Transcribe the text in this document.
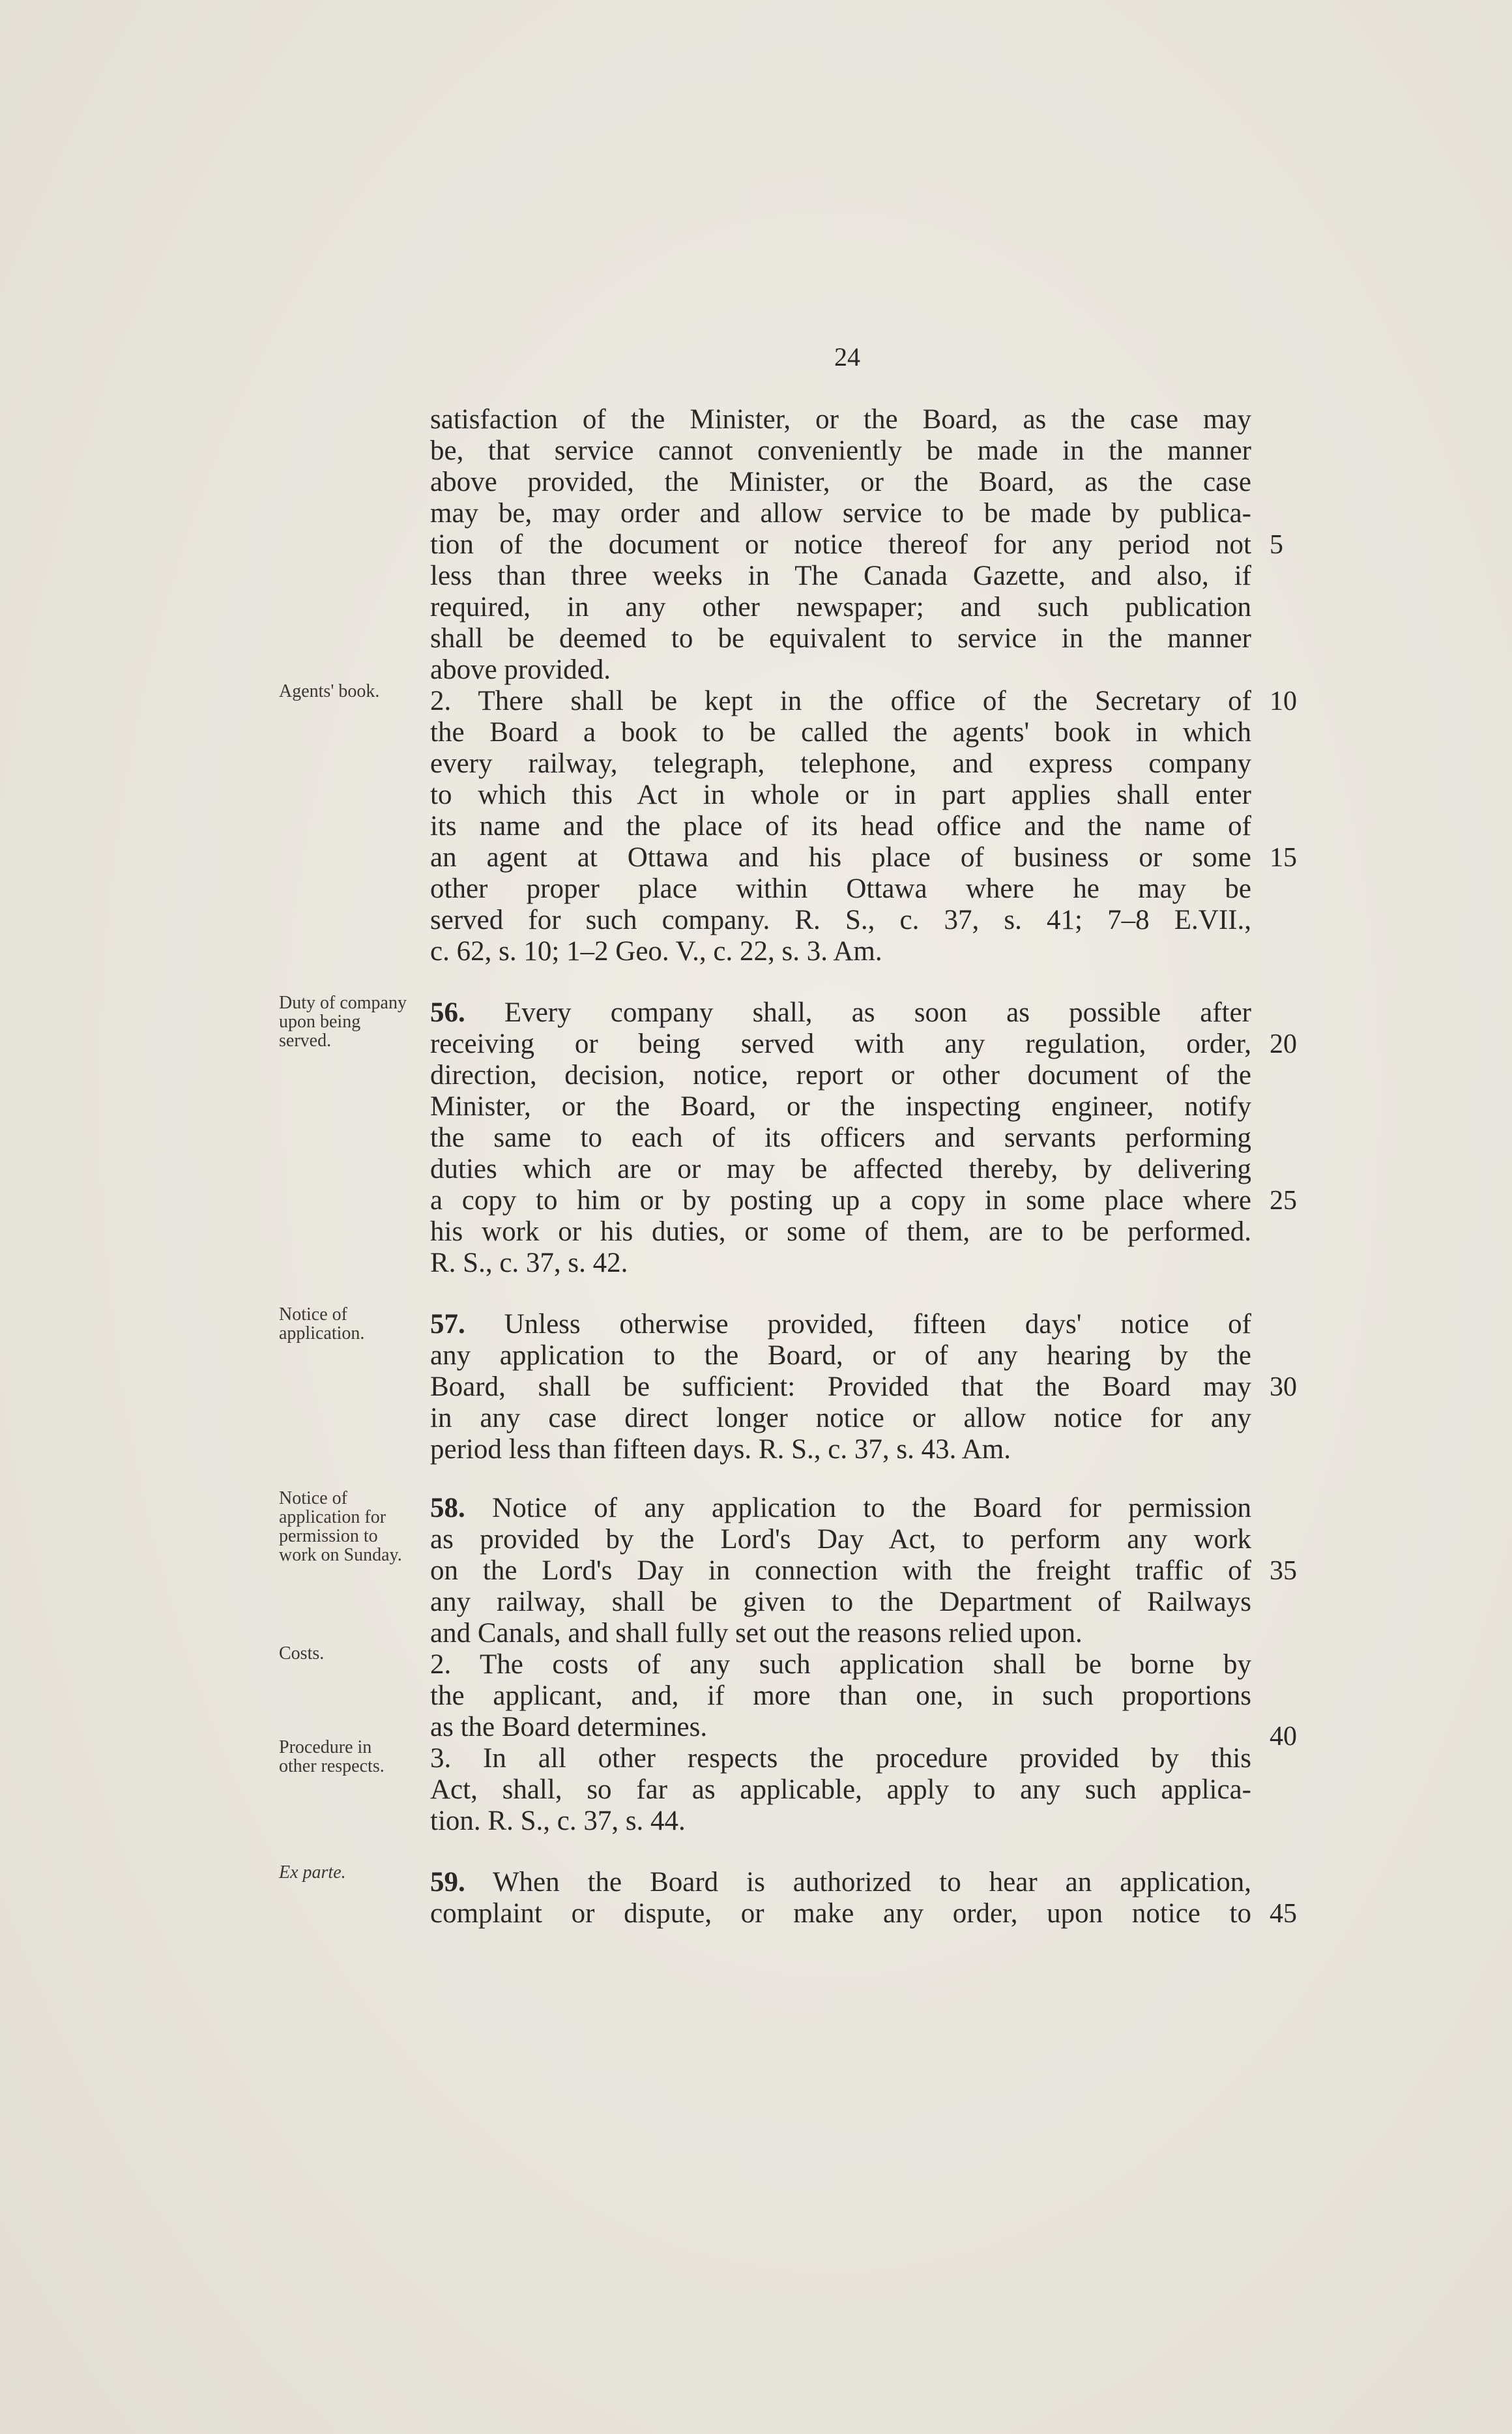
24
satisfaction of the Minister, or the Board, as the case may
be, that service cannot conveniently be made in the manner
above provided, the Minister, or the Board, as the case
may be, may order and allow service to be made by publica-
tion of the document or notice thereof for any period not
less than three weeks in The Canada Gazette, and also, if
required, in any other newspaper; and such publication
shall be deemed to be equivalent to service in the manner
above provided.
Agents' book.	2. There shall be kept in the office of the Secretary of
the Board a book to be called the agents' book in which
every railway, telegraph, telephone, and express company
to which this Act in whole or in part applies shall enter
its name and the place of its head office and the name of
an agent at Ottawa and his place of business or some
other proper place within Ottawa where he may be
served for such company. R. S., c. 37, s. 41; 7–8 E.VII.,
c. 62, s. 10; 1–2 Geo. V., c. 22, s. 3. Am.
Duty of company upon being served.
56. Every company shall, as soon as possible after
receiving or being served with any regulation, order,
direction, decision, notice, report or other document of the
Minister, or the Board, or the inspecting engineer, notify
the same to each of its officers and servants performing
duties which are or may be affected thereby, by delivering
a copy to him or by posting up a copy in some place where
his work or his duties, or some of them, are to be performed.
R. S., c. 37, s. 42.
Notice of application.	57. Unless otherwise provided, fifteen days' notice of
any application to the Board, or of any hearing by the
Board, shall be sufficient: Provided that the Board may
in any case direct longer notice or allow notice for any
period less than fifteen days. R. S., c. 37, s. 43. Am.
Notice of application for permission to work on Sunday.
58. Notice of any application to the Board for permission
as provided by the Lord's Day Act, to perform any work
on the Lord's Day in connection with the freight traffic of
any railway, shall be given to the Department of Railways
and Canals, and shall fully set out the reasons relied upon.
Costs.	2. The costs of any such application shall be borne by
the applicant, and, if more than one, in such proportions
as the Board determines.
Procedure in other respects.	3. In all other respects the procedure provided by this
Act, shall, so far as applicable, apply to any such applica-
tion. R. S., c. 37, s. 44.
Ex parte.	59. When the Board is authorized to hear an application,
complaint or dispute, or make any order, upon notice to
5
10
15
20
25
30
35
40
45
